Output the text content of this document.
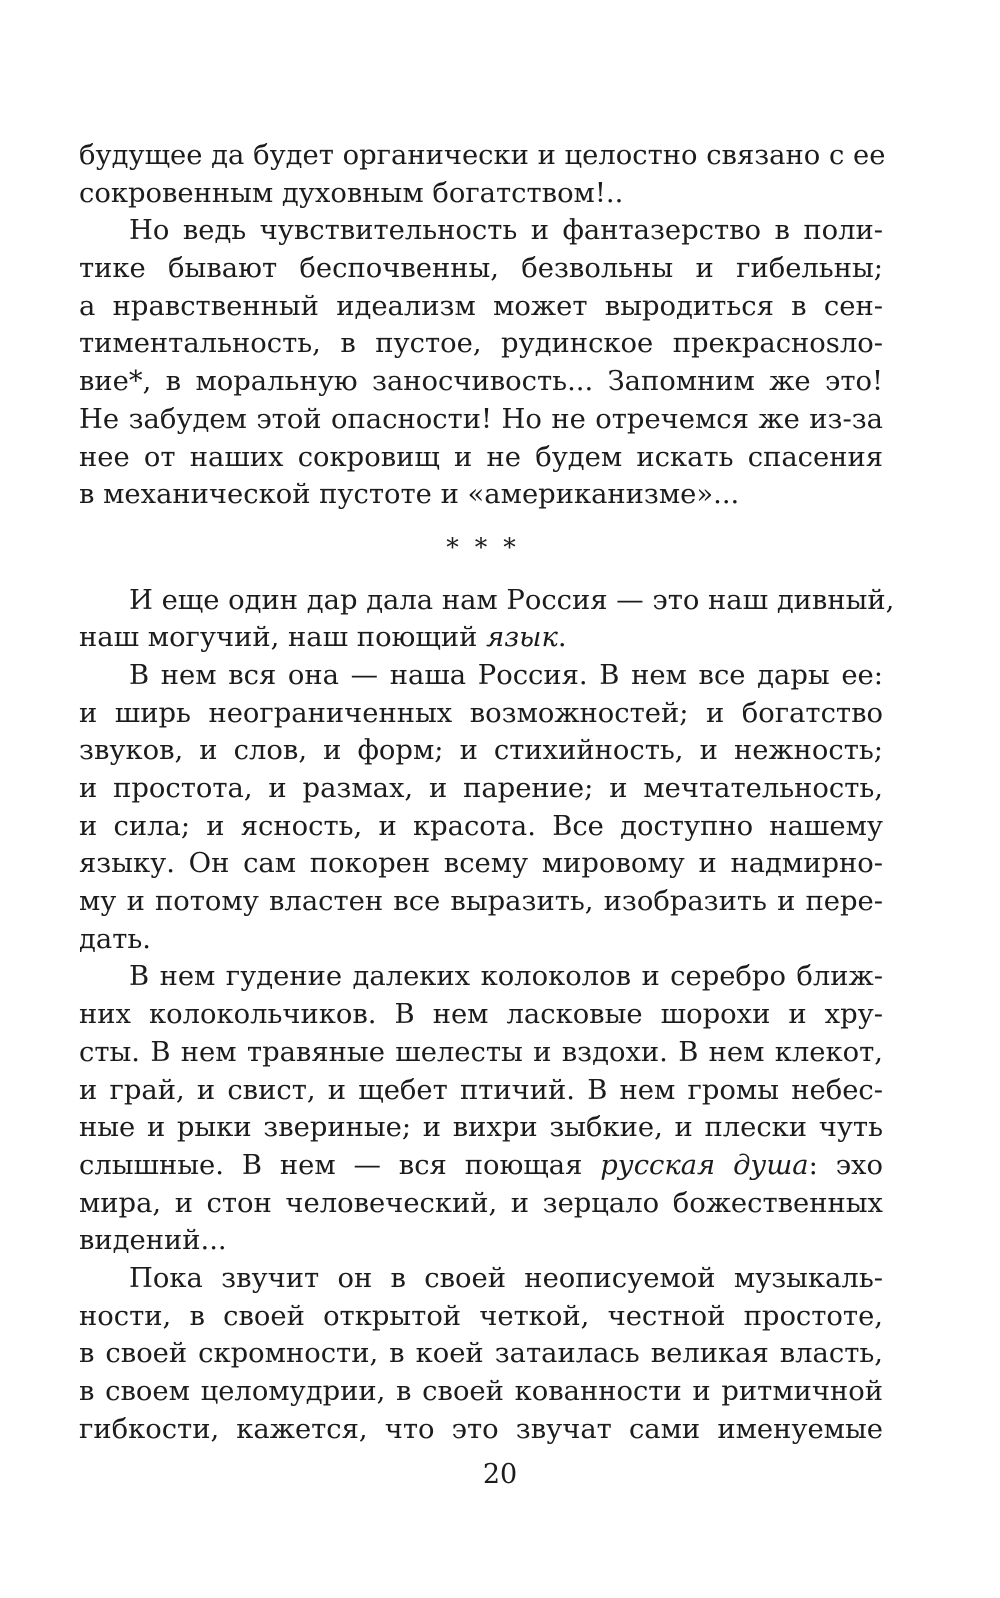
будущее да будет органически и целостно связано с ее
сокровенным духовным богатством!..
Но ведь чувствительность и фантазерство в поли-
тике бывают беспочвенны, безвольны и гибельны;
а нравственный идеализм может выродиться в сен-
тиментальность, в пустое, рудинское прекраснosло-
вие*, в моральную заносчивость... Запомним же это!
Не забудем этой опасности! Но не отречемся же из-за
нее от наших сокровищ и не будем искать спасения
в механической пустоте и «американизме»...
* * *
И еще один дар дала нам Россия — это наш дивный,
наш могучий, наш поющий язык.
В нем вся она — наша Россия. В нем все дары ее:
и ширь неограниченных возможностей; и богатство
звуков, и слов, и форм; и стихийность, и нежность;
и простота, и размах, и парение; и мечтательность,
и сила; и ясность, и красота. Все доступно нашему
языку. Он сам покорен всему мировому и надмирно-
му и потому властен все выразить, изобразить и пере-
дать.
В нем гудение далеких колоколов и серебро ближ-
них колокольчиков. В нем ласковые шорохи и хру-
сты. В нем травяные шелесты и вздохи. В нем клекот,
и грай, и свист, и щебет птичий. В нем громы небес-
ные и рыки звериные; и вихри зыбкие, и плески чуть
слышные. В нем — вся поющая русская душа: эхо
мира, и стон человеческий, и зерцало божественных
видений...
Пока звучит он в своей неописуемой музыкаль-
ности, в своей открытой четкой, честной простоте,
в своей скромности, в коей затаилась великая власть,
в своем целомудрии, в своей кованности и ритмичной
гибкости, кажется, что это звучат сами именуемые
20
